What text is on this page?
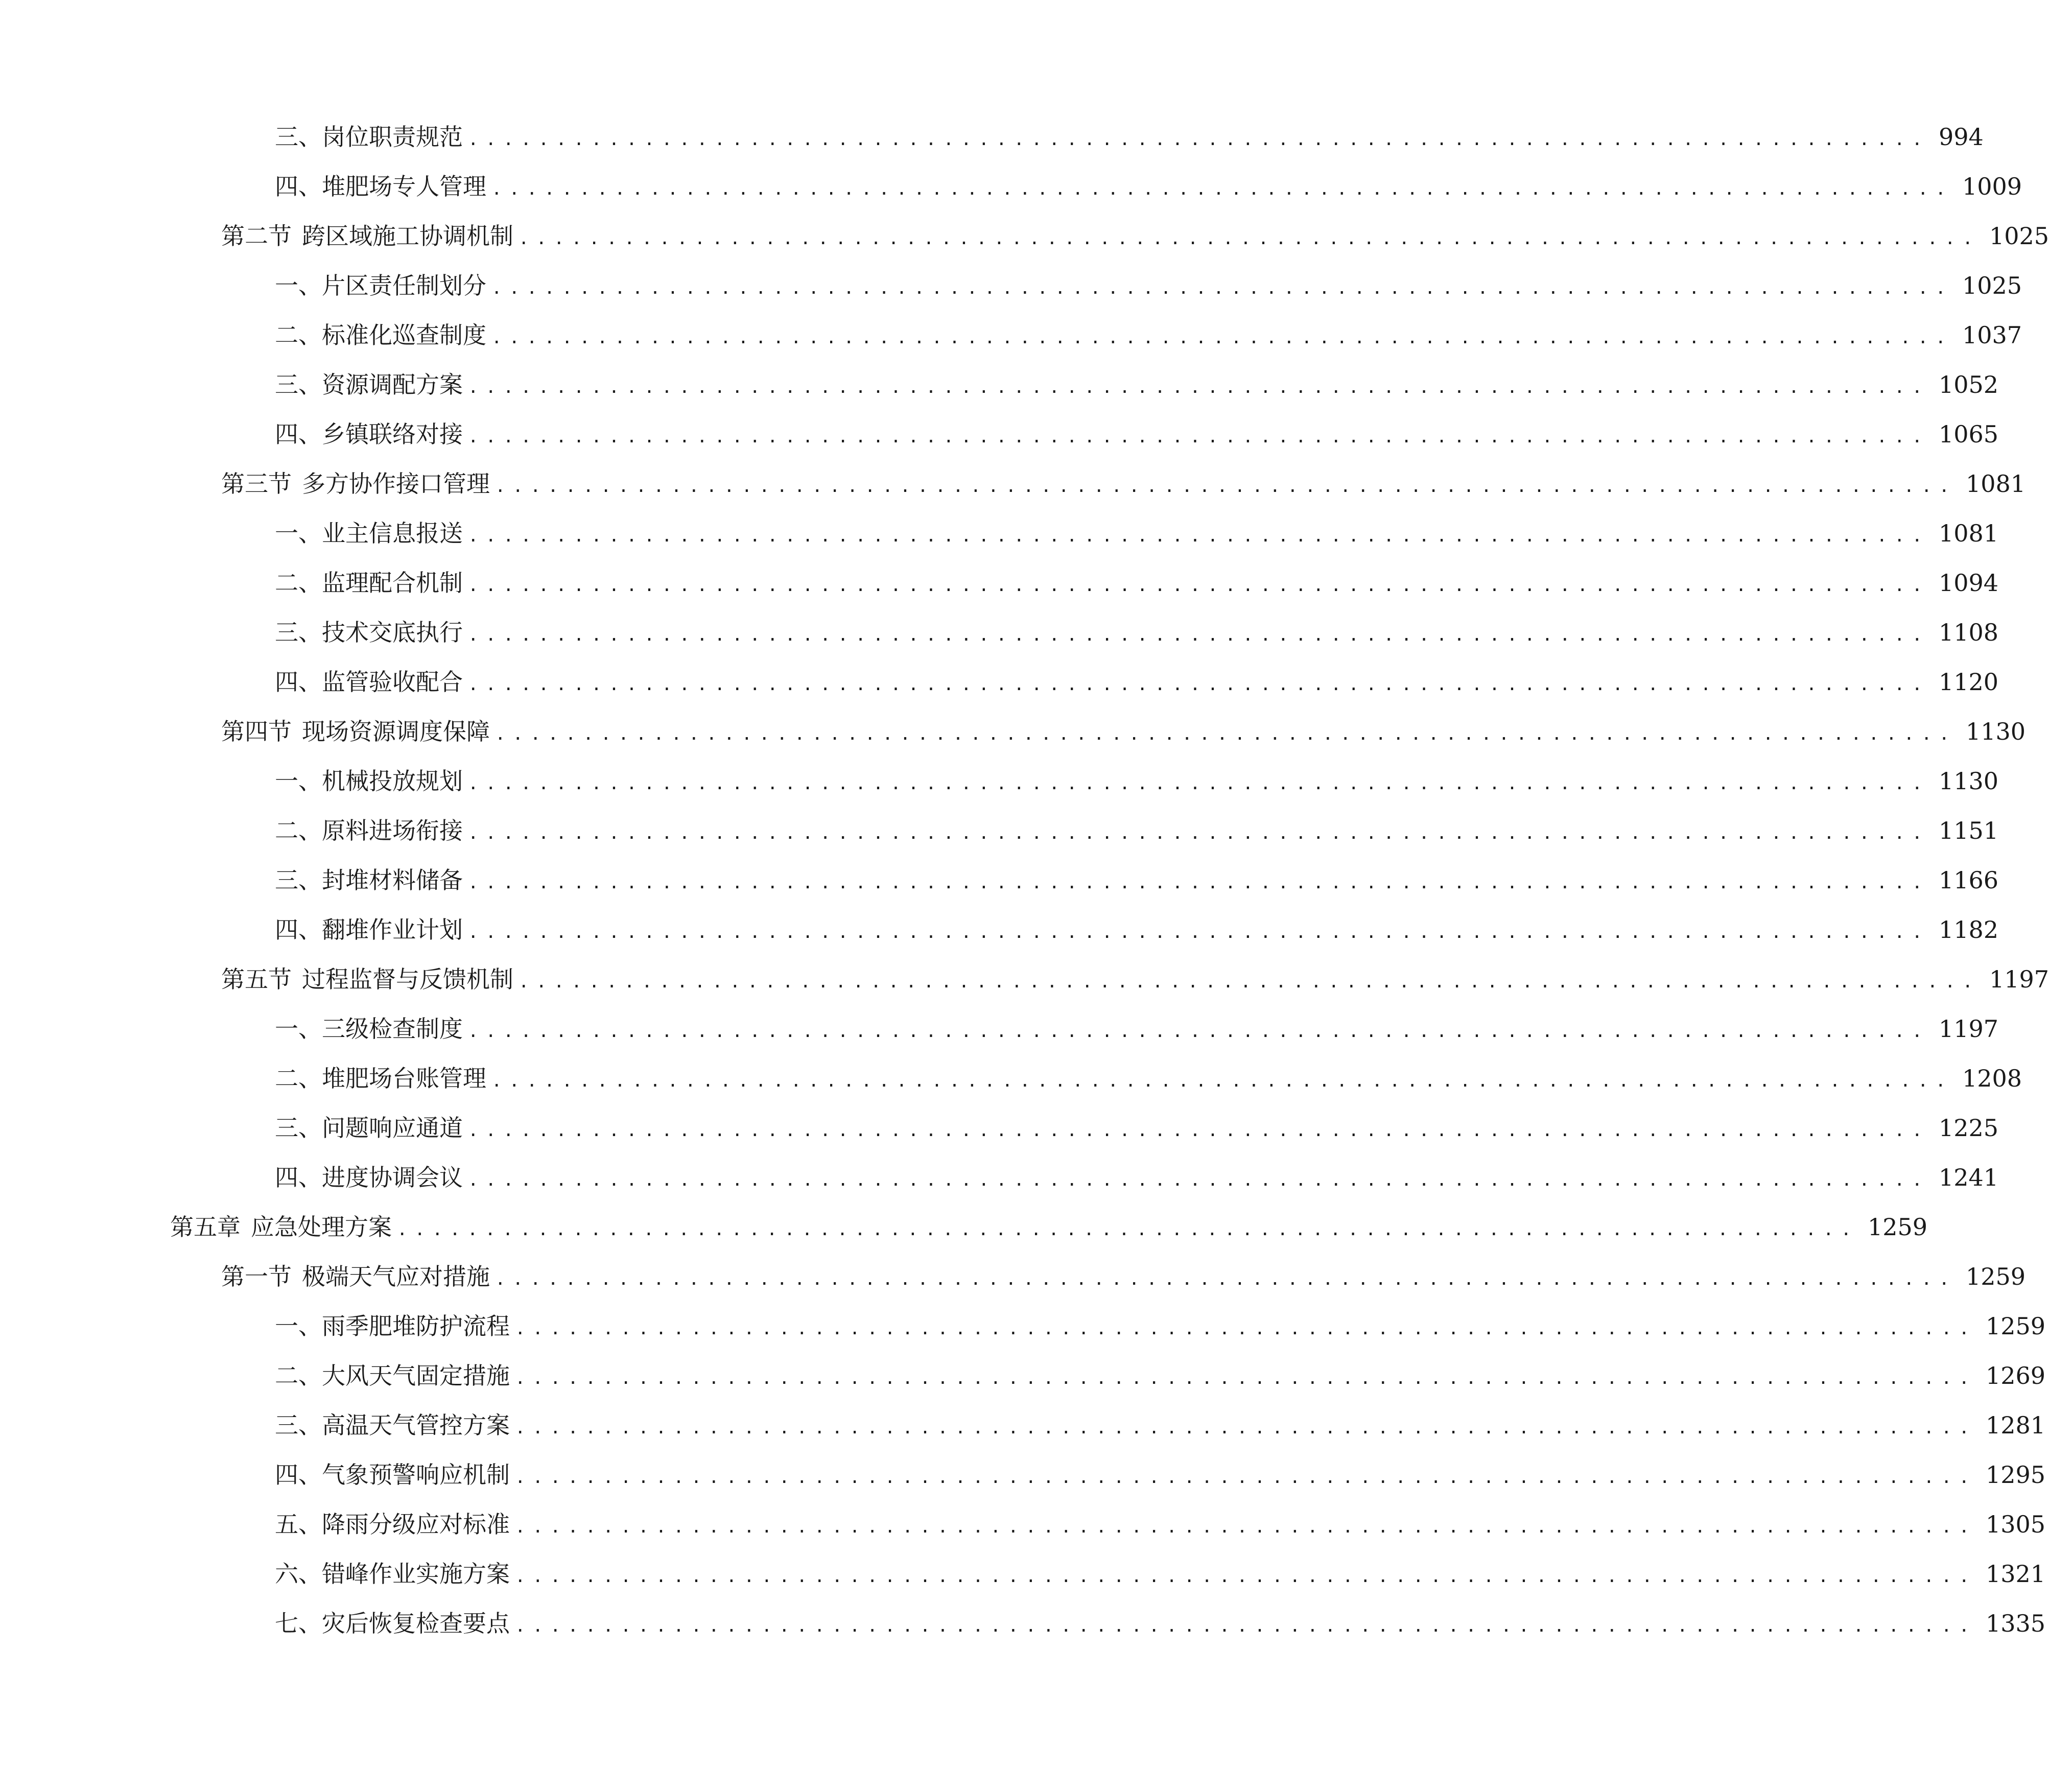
三、 岗位职责规范 ................................................................................... 994
四、 堆肥场专人管理 ................................................................................... 1009
第二节 跨区域施工协调机制 ................................................................................... 1025
一、 片区责任制划分 ................................................................................... 1025
二、 标准化巡查制度 ................................................................................... 1037
三、 资源调配方案 ................................................................................... 1052
四、 乡镇联络对接 ................................................................................... 1065
第三节 多方协作接口管理 ................................................................................... 1081
一、 业主信息报送 ................................................................................... 1081
二、 监理配合机制 ................................................................................... 1094
三、 技术交底执行 ................................................................................... 1108
四、 监管验收配合 ................................................................................... 1120
第四节 现场资源调度保障 ................................................................................... 1130
一、 机械投放规划 ................................................................................... 1130
二、 原料进场衔接 ................................................................................... 1151
三、 封堆材料储备 ................................................................................... 1166
四、 翻堆作业计划 ................................................................................... 1182
第五节 过程监督与反馈机制 ................................................................................... 1197
一、 三级检查制度 ................................................................................... 1197
二、 堆肥场台账管理 ................................................................................... 1208
三、 问题响应通道 ................................................................................... 1225
四、 进度协调会议 ................................................................................... 1241
第五章 应急处理方案 ................................................................................... 1259
第一节 极端天气应对措施 ................................................................................... 1259
一、 雨季肥堆防护流程 ................................................................................... 1259
二、 大风天气固定措施 ................................................................................... 1269
三、 高温天气管控方案 ................................................................................... 1281
四、 气象预警响应机制 ................................................................................... 1295
五、 降雨分级应对标准 ................................................................................... 1305
六、 错峰作业实施方案 ................................................................................... 1321
七、 灾后恢复检查要点 ................................................................................... 1335
